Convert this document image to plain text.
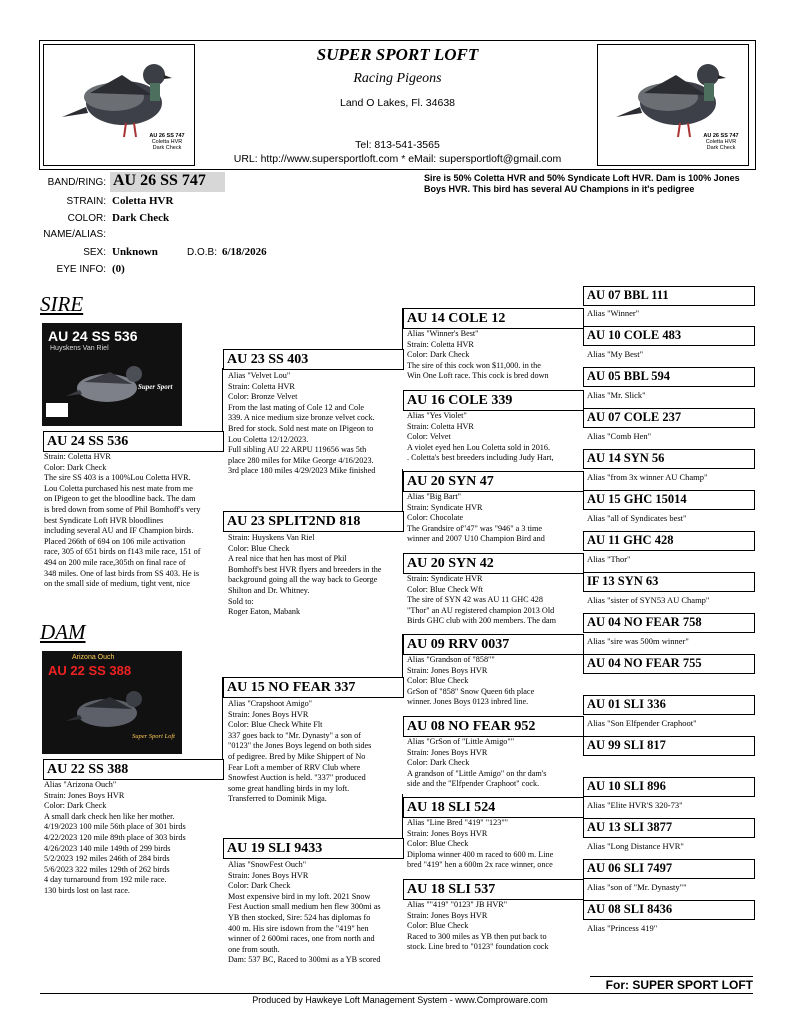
AU 26 SS 747
Coletta HVR
Dark Check
AU 26 SS 747
Coletta HVR
Dark Check
SUPER SPORT LOFT
Racing Pigeons
Land O Lakes, Fl. 34638
Tel: 813-541-3565
URL: http://www.supersportloft.com * eMail: supersportloft@gmail.com
BAND/RING: AU 26 SS 747
STRAIN: Coletta HVR
COLOR: Dark Check
NAME/ALIAS:
SEX: Unknown	D.O.B: 6/18/2026
EYE INFO: (0)
Sire is 50% Coletta HVR and 50% Syndicate Loft HVR. Dam is 100% Jones Boys HVR. This bird has several AU Champions in it's pedigree
SIRE
DAM
AU 24 SS 536
Huyskens Van Riel
Super Sport
Arizona Ouch
AU 22 SS 388
Super Sport Loft
AU 24 SS 536
Strain: Coletta HVR
Color: Dark Check
The sire SS 403 is a 100%Lou Coletta HVR.
Lou Coletta purchased his nest mate from me
on IPigeon to get the bloodline back. The dam
is bred down from some of Phil Bomhoff's very
best Syndicate Loft HVR bloodlines
including several AU and IF Champion birds.
Placed 266th of 694 on 106 mile activation
race, 305 of 651 birds on f143 mile race, 151 of
494 on 200 mile race,305th on final race of
348 miles. One of last birds from SS 403. He is
on the small side of medium, tight vent, nice
AU 22 SS 388
Alias "Arizona Ouch"
Strain: Jones Boys HVR
Color: Dark Check
A small dark check hen like her mother.
4/19/2023 100 mile 56th place of 301 birds
4/22/2023 120 mile 89th place of 303 birds
4/26/2023 140 mile 149th of 299 birds
5/2/2023 192 miles 246th of 284 birds
5/6/2023 322 miles 129th of 262 birds
4 day turnaround from 192 mile race.
130 birds lost on last race.
AU 23 SS 403
Alias "Velvet Lou"
Strain: Coletta HVR
Color: Bronze Velvet
From the last mating of Cole 12 and Cole
339. A nice medium size bronze velvet cock.
Bred for stock. Sold nest mate on IPigeon to
Lou Coletta 12/12/2023.
Full sibling AU 22 ARPU 119656 was 5th
place 280 miles for Mike George 4/16/2023.
3rd place 180 miles 4/29/2023 Mike finished
AU 23 SPLIT2ND 818
Strain: Huyskens Van Riel
Color: Blue Check
A real nice that hen has most of Pkil
Bomhoff's best HVR flyers and breeders in the
background going all the way back to George
Shilton and Dr. Whitney.
Sold to:
Roger Eaton, Mabank
AU 15 NO FEAR 337
Alias "Crapshoot Amigo"
Strain: Jones Boys HVR
Color: Blue Check White Flt
337 goes back to "Mr. Dynasty" a son of
"0123" the Jones Boys legend on both sides
of pedigree. Bred by Mike Shippert of No
Fear Loft a member of RRV Club where
Snowfest Auction is held. "337" produced
some great handling birds in my loft.
Transferred to Dominik Miga.
AU 19 SLI 9433
Alias "SnowFest Ouch"
Strain: Jones Boys HVR
Color: Dark Check
Most expensive bird in my loft. 2021 Snow
Fest Auction small medium hen flew 300mi as
YB then stocked, Sire: 524 has diplomas fo
400 m. His sire isdown from the "419" hen
winner of 2 600mi races, one from north and
one from south.
Dam: 537 BC, Raced to 300mi as a YB scored
AU 14 COLE 12
Alias "Winner's Best"
Strain: Coletta HVR
Color: Dark Check
The sire of this cock won $11,000. in the
Win One Loft race. This cock is bred down
AU 16 COLE 339
Alias "Yes Violet"
Strain: Coletta HVR
Color: Velvet
A violet eyed hen Lou Coletta sold in 2016.
. Coletta's best breeders including Judy Hart,
AU 20 SYN 47
Alias "Big Bart"
Strain: Syndicate HVR
Color: Chocolate
The Grandsire of"47" was "946" a 3 time
winner and 2007 U10 Champion Bird and
AU 20 SYN 42
Strain: Syndicate HVR
Color: Blue Check Wft
The sire of SYN 42 was AU 11 GHC 428
"Thor" an AU registered champion 2013 Old
Birds GHC club with 200 members. The dam
AU 09 RRV 0037
Alias "Grandson of "858""
Strain: Jones Boys HVR
Color: Blue Check
GrSon of "858" Snow Queen 6th place
winner. Jones Boys 0123 inbred line.
AU 08 NO FEAR 952
Alias "GrSon of "Little Amigo""
Strain: Jones Boys HVR
Color: Dark Check
A grandson of "Little Amigo" on thr dam's
side and the "Elfpender Craphoot" cock.
AU 18 SLI 524
Alias "Line Bred "419" "123""
Strain: Jones Boys HVR
Color: Blue Check
Diploma winner 400 m raced to 600 m. Line
bred "419" hen a 600m 2x race winner, once
AU 18 SLI 537
Alias ""419" "0123" JB HVR"
Strain: Jones Boys HVR
Color: Blue Check
Raced to 300 miles as YB then put back to
stock. Line bred to "0123" foundation cock
AU 07 BBL 111
Alias "Winner"
AU 10 COLE 483
Alias "My Best"
AU 05 BBL 594
Alias "Mr. Slick"
AU 07 COLE 237
Alias "Comb Hen"
AU 14 SYN 56
Alias "from 3x winner AU Champ"
AU 15 GHC 15014
Alias "all of Syndicates best"
AU 11 GHC 428
Alias "Thor"
IF 13 SYN 63
Alias "sister of SYN53 AU Champ"
AU 04 NO FEAR 758
Alias "sire was 500m winner"
AU 04 NO FEAR 755
AU 01 SLI 336
Alias "Son Elfpender Craphoot"
AU 99 SLI 817
AU 10 SLI 896
Alias "Elite HVR'S 320-73"
AU 13 SLI 3877
Alias "Long Distance HVR"
AU 06 SLI 7497
Alias "son of "Mr. Dynasty""
AU 08 SLI 8436
Alias "Princess 419"
For: SUPER SPORT LOFT
Produced by Hawkeye Loft Management System - www.Comproware.com
